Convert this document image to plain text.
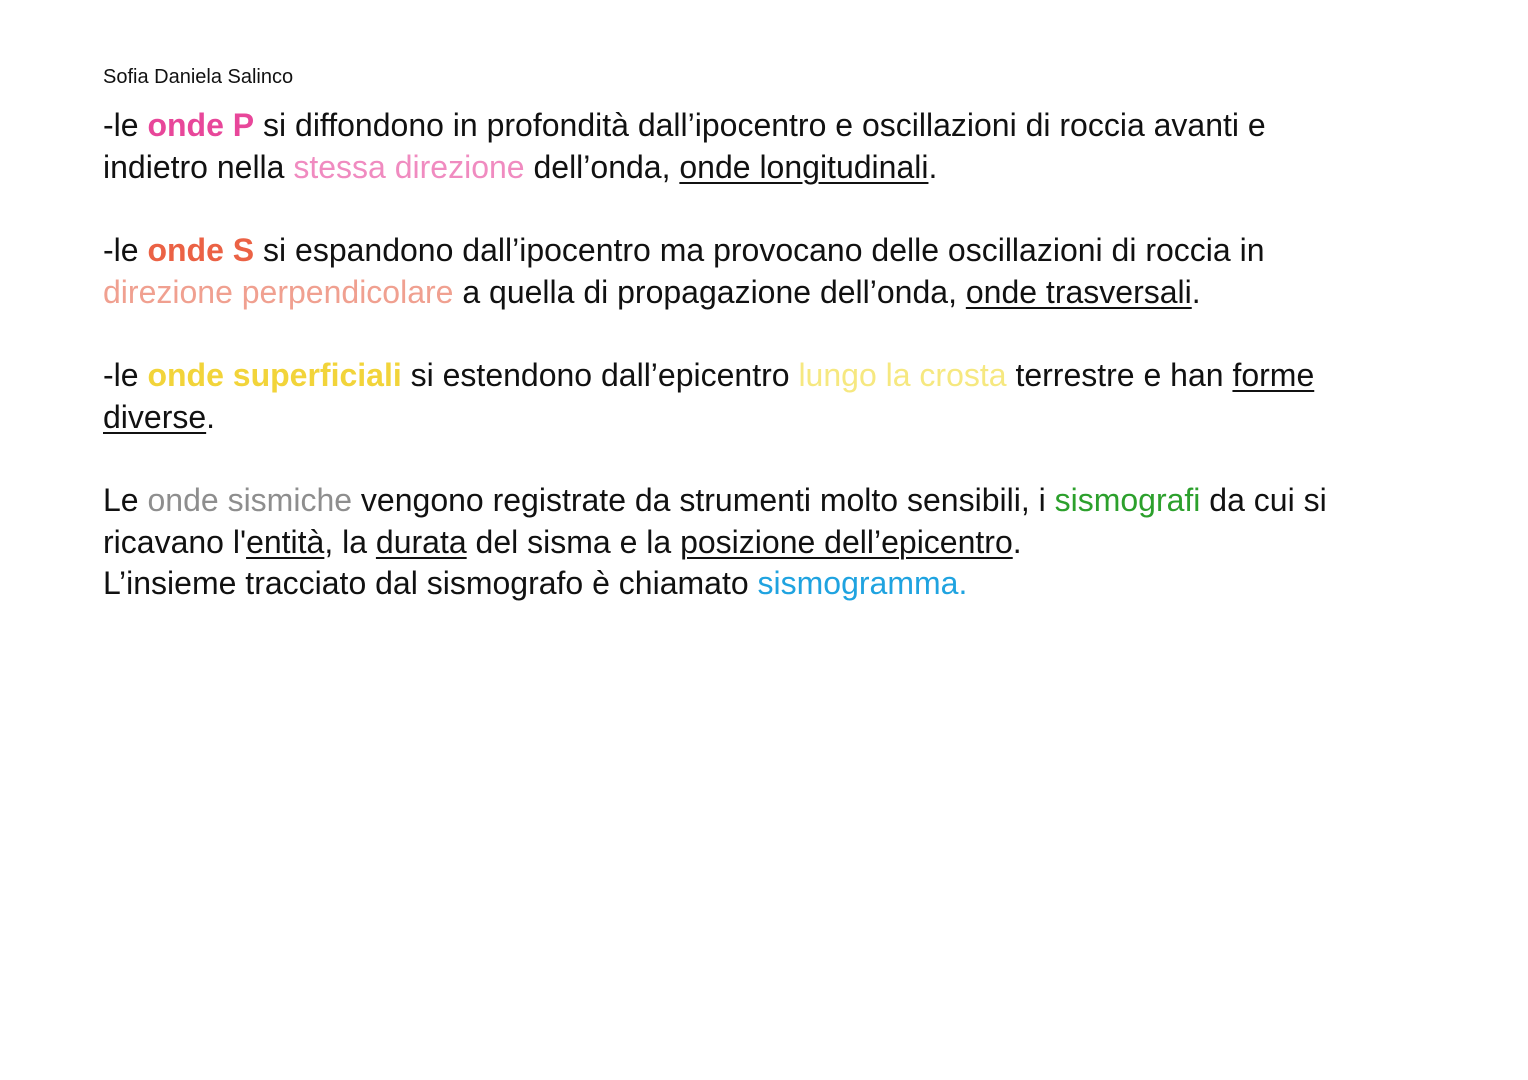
Sofia Daniela Salinco

-le onde P si diffondono in profondità dall’ipocentro e oscillazioni di roccia avanti e
indietro nella stessa direzione dell’onda, onde longitudinali.

-le onde S si espandono dall’ipocentro ma provocano delle oscillazioni di roccia in
direzione perpendicolare a quella di propagazione dell’onda, onde trasversali.

-le onde superficiali si estendono dall’epicentro lungo la crosta terrestre e han forme
diverse.

Le onde sismiche vengono registrate da strumenti molto sensibili, i sismografi da cui si
ricavano l'entità, la durata del sisma e la posizione dell’epicentro.
L’insieme tracciato dal sismografo è chiamato sismogramma.
